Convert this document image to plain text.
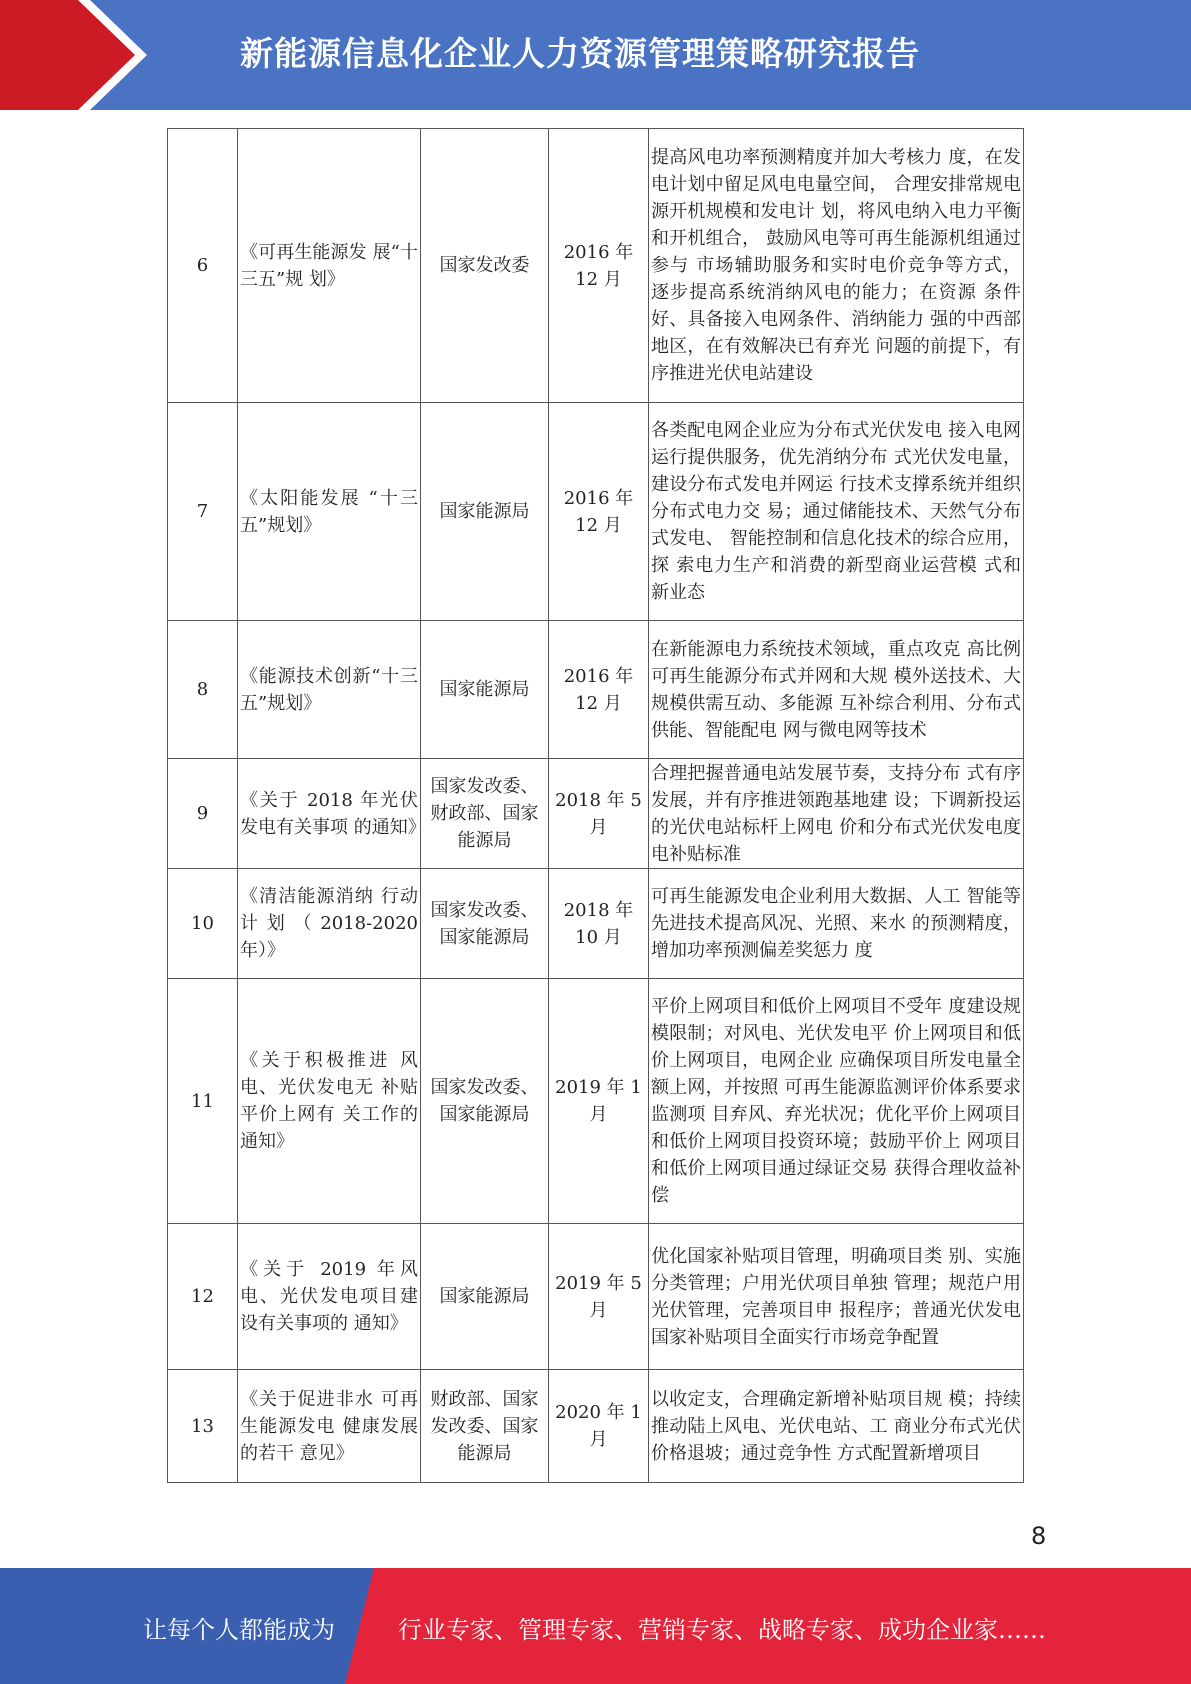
新能源信息化企业人力资源管理策略研究报告
6	《可再生能源发 展“十三五”规 划》	国家发改委	2016 年 12 月	提高风电功率预测精度并加大考核力 度，在发电计划中留足风电电量空间， 合理安排常规电源开机规模和发电计 划，将风电纳入电力平衡和开机组合， 鼓励风电等可再生能源机组通过参与 市场辅助服务和实时电价竞争等方式， 逐步提高系统消纳风电的能力；在资源 条件好、具备接入电网条件、消纳能力 强的中西部地区，在有效解决已有弃光 问题的前提下，有序推进光伏电站建设
7	《太阳能发展 “十三五”规划》	国家能源局	2016 年 12 月	各类配电网企业应为分布式光伏发电 接入电网运行提供服务，优先消纳分布 式光伏发电量，建设分布式发电并网运 行技术支撑系统并组织分布式电力交 易；通过储能技术、天然气分布式发电、 智能控制和信息化技术的综合应用，探 索电力生产和消费的新型商业运营模 式和新业态
8	《能源技术创新“十三五”规划》	国家能源局	2016 年 12 月	在新能源电力系统技术领域，重点攻克 高比例可再生能源分布式并网和大规 模外送技术、大规模供需互动、多能源 互补综合利用、分布式供能、智能配电 网与微电网等技术
9	《关于 2018 年光伏发电有关事项 的通知》	国家发改委、财政部、国家能源局	2018 年 5 月	合理把握普通电站发展节奏，支持分布 式有序发展，并有序推进领跑基地建 设；下调新投运的光伏电站标杆上网电 价和分布式光伏发电度电补贴标准
10	《清洁能源消纳 行动计划（2018-2020年）》	国家发改委、国家能源局	2018 年 10 月	可再生能源发电企业利用大数据、人工 智能等先进技术提高风况、光照、来水 的预测精度，增加功率预测偏差奖惩力 度
11	《关于积极推进 风电、光伏发电无 补贴平价上网有 关工作的通知》	国家发改委、国家能源局	2019 年 1 月	平价上网项目和低价上网项目不受年 度建设规模限制；对风电、光伏发电平 价上网项目和低价上网项目，电网企业 应确保项目所发电量全额上网，并按照 可再生能源监测评价体系要求监测项 目弃风、弃光状况；优化平价上网项目 和低价上网项目投资环境；鼓励平价上 网项目和低价上网项目通过绿证交易 获得合理收益补偿
12	《关于 2019 年风电、光伏发电项目建设有关事项的 通知》	国家能源局	2019 年 5 月	优化国家补贴项目管理，明确项目类 别、实施分类管理；户用光伏项目单独 管理；规范户用光伏管理，完善项目申 报程序；普通光伏发电国家补贴项目全面实行市场竞争配置
13	《关于促进非水 可再生能源发电 健康发展的若干 意见》	财政部、国家发改委、国家能源局	2020 年 1 月	以收定支，合理确定新增补贴项目规 模；持续推动陆上风电、光伏电站、工 商业分布式光伏价格退坡；通过竞争性 方式配置新增项目
8
让每个人都能成为	行业专家、管理专家、营销专家、战略专家、成功企业家……
